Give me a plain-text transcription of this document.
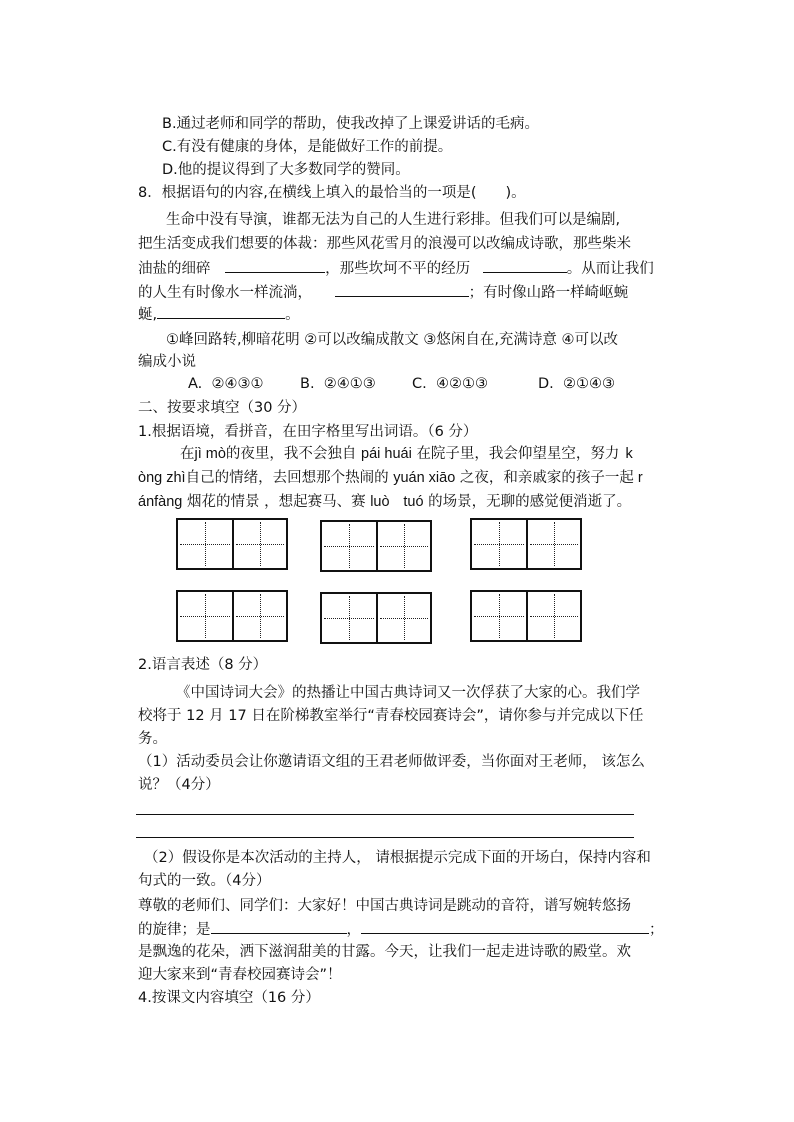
B.通过老师和同学的帮助，使我改掉了上课爱讲话的毛病。
C.有没有健康的身体，是能做好工作的前提。
D.他的提议得到了大多数同学的赞同。
8．根据语句的内容,在横线上填入的最恰当的一项是(　　)。
生命中没有导演，谁都无法为自己的人生进行彩排。但我们可以是编剧,
把生活变成我们想要的体裁：那些风花雪月的浪漫可以改编成诗歌，那些柴米
油盐的细碎	，那些坎坷不平的经历	。从而让我们
的人生有时像水一样流淌，	；有时像山路一样崎岖蜿
蜒,	。
①峰回路转,柳暗花明 ②可以改编成散文 ③悠闲自在,充满诗意 ④可以改
编成小说
A. ②④③①	B. ②④①③ C. ④②①③	D. ②①④③
二、按要求填空（30 分）
1.根据语境，看拼音，在田字格里写出词语。（6 分）
在jì mò的夜里，我不会独自 pái huái 在院子里，我会仰望星空，努力 k
òng zhì自己的情绪，去回想那个热闹的 yuán xiāo 之夜，和亲戚家的孩子一起 r
ánfàng 烟花的情景 ，想起赛马、赛 luò tuó 的场景，无聊的感觉便消逝了。
2.语言表述（8 分）
《中国诗词大会》的热播让中国古典诗词又一次俘获了大家的心。我们学
校将于 12 月 17 日在阶梯教室举行“青春校园赛诗会”，请你参与并完成以下任
务。
（1）活动委员会让你邀请语文组的王君老师做评委，当你面对王老师， 该怎么
说？（4分）
（2）假设你是本次活动的主持人， 请根据提示完成下面的开场白，保持内容和
句式的一致。（4分）
尊敬的老师们、同学们：大家好！中国古典诗词是跳动的音符，谱写婉转悠扬
的旋律；是	，	；
是飘逸的花朵，洒下滋润甜美的甘露。今天，让我们一起走进诗歌的殿堂。欢
迎大家来到“青春校园赛诗会”！
4.按课文内容填空（16 分）
